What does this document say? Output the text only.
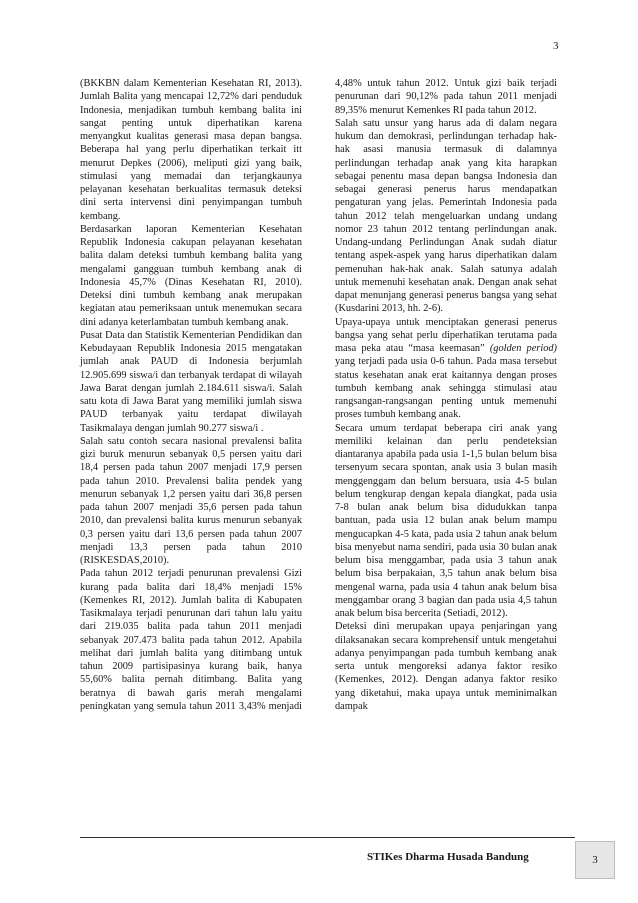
3

(BKKBN dalam Kementerian Kesehatan RI, 2013). Jumlah Balita yang mencapai 12,72% dari penduduk Indonesia, menjadikan tumbuh kembang balita ini sangat penting untuk diperhatikan karena menyangkut kualitas generasi masa depan bangsa. Beberapa hal yang perlu diperhatikan terkait itt menurut Depkes (2006), meliputi gizi yang baik, stimulasi yang memadai dan terjangkaunya pelayanan kesehatan berkualitas termasuk deteksi dini serta intervensi dini penyimpangan tumbuh kembang.

Berdasarkan laporan Kementerian Kesehatan Republik Indonesia cakupan pelayanan kesehatan balita dalam deteksi tumbuh kembang balita yang mengalami gangguan tumbuh kembang anak di Indonesia 45,7% (Dinas Kesehatan RI, 2010). Deteksi dini tumbuh kembang anak merupakan kegiatan atau pemeriksaan untuk menemukan secara dini adanya keterlambatan tumbuh kembang anak.

Pusat Data dan Statistik Kementerian Pendidikan dan Kebudayaan Republik Indonesia 2015 mengatakan jumlah anak PAUD di Indonesia berjumlah 12.905.699 siswa/i dan terbanyak terdapat di wilayah Jawa Barat dengan jumlah 2.184.611 siswa/i. Salah satu kota di Jawa Barat yang memiliki jumlah siswa PAUD terbanyak yaitu terdapat diwilayah Tasikmalaya dengan jumlah 90.277 siswa/i .

Salah satu contoh secara nasional prevalensi balita gizi buruk menurun sebanyak 0,5 persen yaitu dari 18,4 persen pada tahun 2007 menjadi 17,9 persen pada tahun 2010. Prevalensi balita pendek yang menurun sebanyak 1,2 persen yaitu dari 36,8 persen pada tahun 2007 menjadi 35,6 persen pada tahun 2010, dan prevalensi balita kurus menurun sebanyak 0,3 persen yaitu dari 13,6 persen pada tahun 2007 menjadi 13,3 persen pada tahun 2010 (RISKESDAS,2010).

Pada tahun 2012 terjadi penurunan prevalensi Gizi kurang pada balita dari 18,4% menjadi 15% (Kemenkes RI, 2012). Jumlah balita di Kabupaten Tasikmalaya terjadi penurunan dari tahun lalu yaitu dari 219.035 balita pada tahun 2011 menjadi sebanyak 207.473 balita pada tahun 2012. Apabila melihat dari jumlah balita yang ditimbang untuk tahun 2009 partisipasinya kurang baik, hanya 55,60% balita pernah ditimbang. Balita yang beratnya di bawah garis merah mengalami peningkatan yang semula tahun 2011 3,43% menjadi

4,48% untuk tahun 2012. Untuk gizi baik terjadi penurunan dari 90,12% pada tahun 2011 menjadi 89,35% menurut Kemenkes RI pada tahun 2012.

Salah satu unsur yang harus ada di dalam negara hukum dan demokrasi, perlindungan terhadap hak-hak asasi manusia termasuk di dalamnya perlindungan terhadap anak yang kita harapkan sebagai penentu masa depan bangsa Indonesia dan sebagai generasi penerus harus mendapatkan pengaturan yang jelas. Pemerintah Indonesia pada tahun 2012 telah mengeluarkan undang undang nomor 23 tahun 2012 tentang perlindungan anak. Undang-undang Perlindungan Anak sudah diatur tentang aspek-aspek yang harus diperhatikan dalam pemenuhan hak-hak anak. Salah satunya adalah untuk memenuhi kesehatan anak. Dengan anak sehat dapat menunjang generasi penerus bangsa yang sehat (Kusdarini 2013, hh. 2-6).

Upaya-upaya untuk menciptakan generasi penerus bangsa yang sehat perlu diperhatikan terutama pada masa peka atau “masa keemasan” (golden period) yang terjadi pada usia 0-6 tahun. Pada masa tersebut status kesehatan anak erat kaitannya dengan proses tumbuh kembang anak sehingga stimulasi atau rangsangan-rangsangan penting untuk memenuhi proses tumbuh kembang anak.

Secara umum terdapat beberapa ciri anak yang memiliki kelainan dan perlu pendeteksian diantaranya apabila pada usia 1-1,5 bulan belum bisa tersenyum secara spontan, anak usia 3 bulan masih menggenggam dan belum bersuara, usia 4-5 bulan belum tengkurap dengan kepala diangkat, pada usia 7-8 bulan anak belum bisa didudukkan tanpa bantuan, pada usia 12 bulan anak belum mampu mengucapkan 4-5 kata, pada usia 2 tahun anak belum bisa menyebut nama sendiri, pada usia 30 bulan anak belum bisa menggambar, pada usia 3 tahun anak belum bisa berpakaian, 3,5 tahun anak belum bisa mengenal warna, pada usia 4 tahun anak belum bisa menggambar orang 3 bagian dan pada usia 4,5 tahun anak belum bisa bercerita (Setiadi, 2012).

Deteksi dini merupakan upaya penjaringan yang dilaksanakan secara komprehensif untuk mengetahui adanya penyimpangan pada tumbuh kembang anak serta untuk mengoreksi adanya faktor resiko (Kemenkes, 2012). Dengan adanya faktor resiko yang diketahui, maka upaya untuk meminimalkan dampak

STIKes Dharma Husada Bandung	3
